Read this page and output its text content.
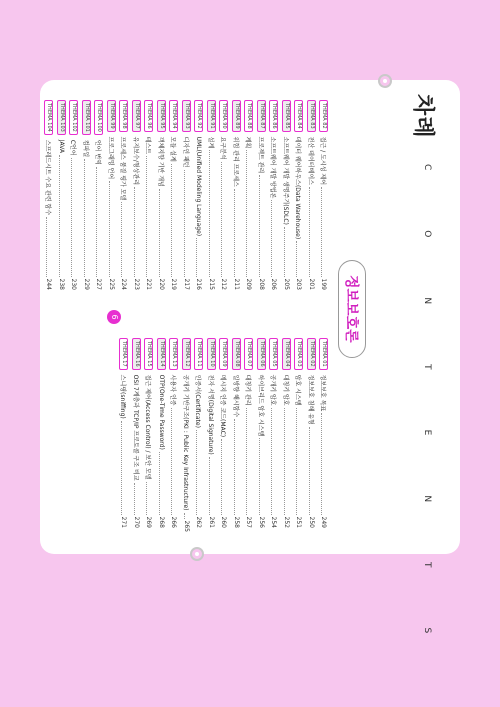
차례
C
O
N
T
E
N
T
S
정보보호론
6
THEMA 82
접근 / 도시성 제어
199
THEMA 83
전산 데이터베이스
201
THEMA 84
데이터 웨어하우스(Data Warehouse)
203
THEMA 85
소프트웨어 개발 생명주기(SDLC)
205
THEMA 86
소프트웨어 개발 방법론
206
THEMA 87
프로젝트 관리
208
THEMA 88
계획
209
THEMA 89
위험 관리 프로세스
211
THEMA 90
요구분석
212
THEMA 91
설계
215
THEMA 92
UML(Unified Modeling Language)
216
THEMA 93
디자인 패턴
217
THEMA 94
모듈 설계
219
THEMA 95
객체지향 기반 개념
220
THEMA 96
테스트
221
THEMA 97
유지보수/형상관리
223
THEMA 98
프로세스 품질 평가 모델
224
THEMA 99
프로그래밍 언어
225
THEMA 100
언어 번역
227
THEMA 101
컴파일
229
THEMA 102
C언어
230
THEMA 103
JAVA
238
THEMA 104
스프레드시트 수요 관련 함수
244
THEMA 01
정보보호 목표
249
THEMA 02
정보보호 침해 유형
250
THEMA 03
암호 시스템
251
THEMA 04
대칭키 암호
252
THEMA 05
공개키 암호
254
THEMA 06
하이브리드 암호 시스템
256
THEMA 07
대칭키 관리
257
THEMA 08
일방향 해시함수
258
THEMA 09
메시지 인증 코드(MAC)
260
THEMA 10
전자 서명(Digital Signature)
261
THEMA 11
인증서(Certificate)
262
THEMA 12
공개키 기반구조(PKI : Public Key Infrastructure)
265
THEMA 13
사용자 인증
266
THEMA 14
OTP(One-Time Password)
268
THEMA 15
접근 제어(Access Control) / 보안 모델
269
THEMA 16
OSI 7계층과 TCP/IP 프로토콜 구조 비교
270
THEMA 17
스니핑(sniffing)
271
